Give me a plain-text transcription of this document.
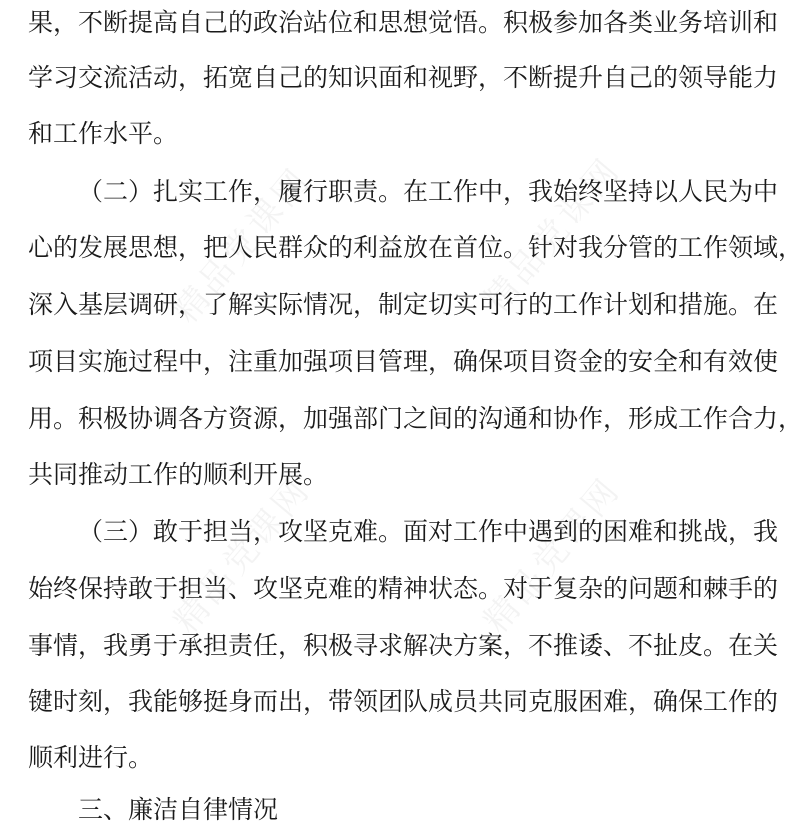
果，不断提高自己的政治站位和思想觉悟。积极参加各类业务培训和

学习交流活动，拓宽自己的知识面和视野，不断提升自己的领导能力

和工作水平。

（二）扎实工作，履行职责。在工作中，我始终坚持以人民为中

心的发展思想，把人民群众的利益放在首位。针对我分管的工作领域，

深入基层调研，了解实际情况，制定切实可行的工作计划和措施。在

项目实施过程中，注重加强项目管理，确保项目资金的安全和有效使

用。积极协调各方资源，加强部门之间的沟通和协作，形成工作合力，

共同推动工作的顺利开展。

（三）敢于担当，攻坚克难。面对工作中遇到的困难和挑战，我

始终保持敢于担当、攻坚克难的精神状态。对于复杂的问题和棘手的

事情，我勇于承担责任，积极寻求解决方案，不推诿、不扯皮。在关

键时刻，我能够挺身而出，带领团队成员共同克服困难，确保工作的

顺利进行。

三、廉洁自律情况
